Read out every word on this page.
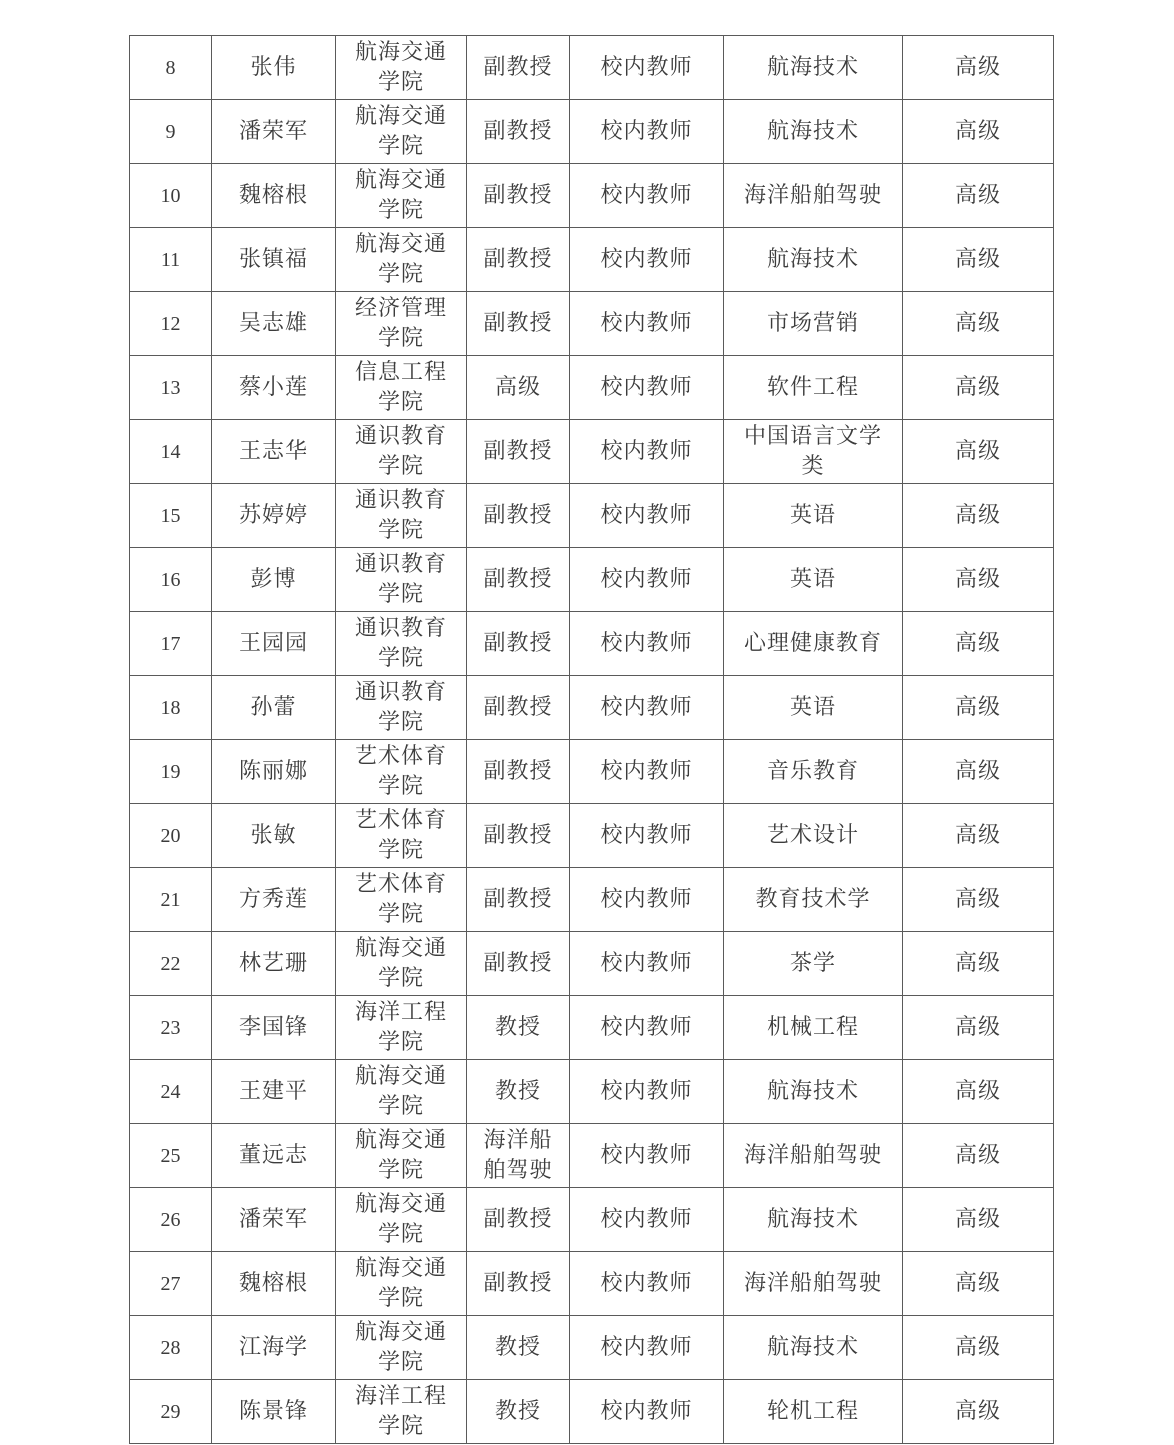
8	张伟	航海交通学院	副教授	校内教师	航海技术	高级
9	潘荣军	航海交通学院	副教授	校内教师	航海技术	高级
10	魏榕根	航海交通学院	副教授	校内教师	海洋船舶驾驶	高级
11	张镇福	航海交通学院	副教授	校内教师	航海技术	高级
12	吴志雄	经济管理学院	副教授	校内教师	市场营销	高级
13	蔡小莲	信息工程学院	高级	校内教师	软件工程	高级
14	王志华	通识教育学院	副教授	校内教师	中国语言文学类	高级
15	苏婷婷	通识教育学院	副教授	校内教师	英语	高级
16	彭博	通识教育学院	副教授	校内教师	英语	高级
17	王园园	通识教育学院	副教授	校内教师	心理健康教育	高级
18	孙蕾	通识教育学院	副教授	校内教师	英语	高级
19	陈丽娜	艺术体育学院	副教授	校内教师	音乐教育	高级
20	张敏	艺术体育学院	副教授	校内教师	艺术设计	高级
21	方秀莲	艺术体育学院	副教授	校内教师	教育技术学	高级
22	林艺珊	航海交通学院	副教授	校内教师	茶学	高级
23	李国锋	海洋工程学院	教授	校内教师	机械工程	高级
24	王建平	航海交通学院	教授	校内教师	航海技术	高级
25	董远志	航海交通学院	海洋船舶驾驶	校内教师	海洋船舶驾驶	高级
26	潘荣军	航海交通学院	副教授	校内教师	航海技术	高级
27	魏榕根	航海交通学院	副教授	校内教师	海洋船舶驾驶	高级
28	江海学	航海交通学院	教授	校内教师	航海技术	高级
29	陈景锋	海洋工程学院	教授	校内教师	轮机工程	高级
